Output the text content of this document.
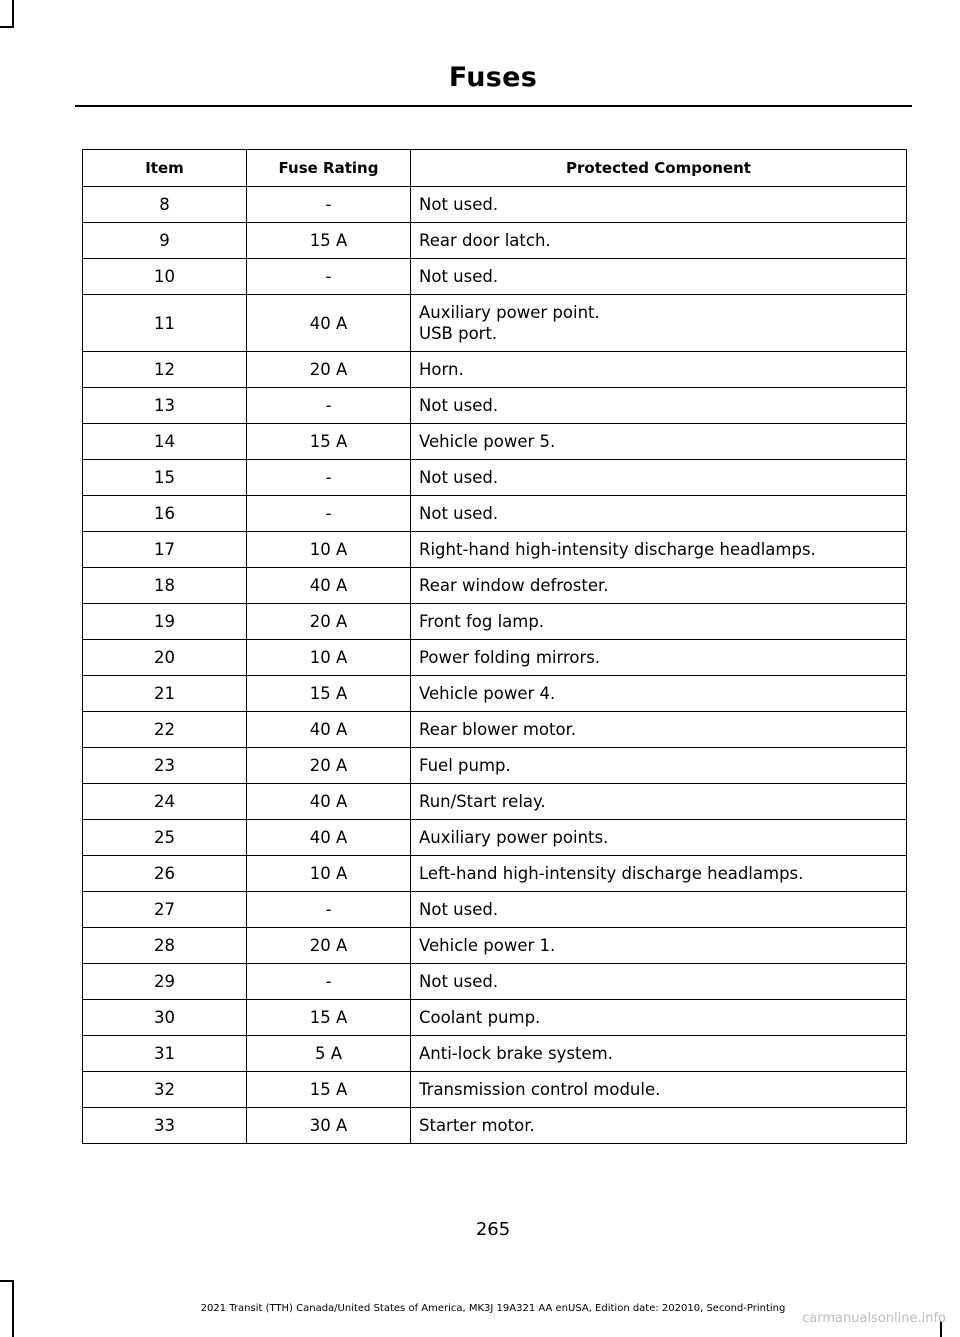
Fuses
Item	Fuse Rating	Protected Component
8	-	Not used.

9	15 A	Rear door latch.

10	-	Not used.

11	40 A	Auxiliary power point.
USB port.

12	20 A	Horn.

13	-	Not used.

14	15 A	Vehicle power 5.

15	-	Not used.

16	-	Not used.

17	10 A	Right-hand high-intensity discharge headlamps.

18	40 A	Rear window defroster.

19	20 A	Front fog lamp.

20	10 A	Power folding mirrors.

21	15 A	Vehicle power 4.

22	40 A	Rear blower motor.

23	20 A	Fuel pump.

24	40 A	Run/Start relay.

25	40 A	Auxiliary power points.

26	10 A	Left-hand high-intensity discharge headlamps.

27	-	Not used.

28	20 A	Vehicle power 1.

29	-	Not used.

30	15 A	Coolant pump.

31	5 A	Anti-lock brake system.

32	15 A	Transmission control module.

33	30 A	Starter motor.
265
2021 Transit (TTH) Canada/United States of America, MK3J 19A321 AA enUSA, Edition date: 202010, Second-Printing
carmanualsonline.info
